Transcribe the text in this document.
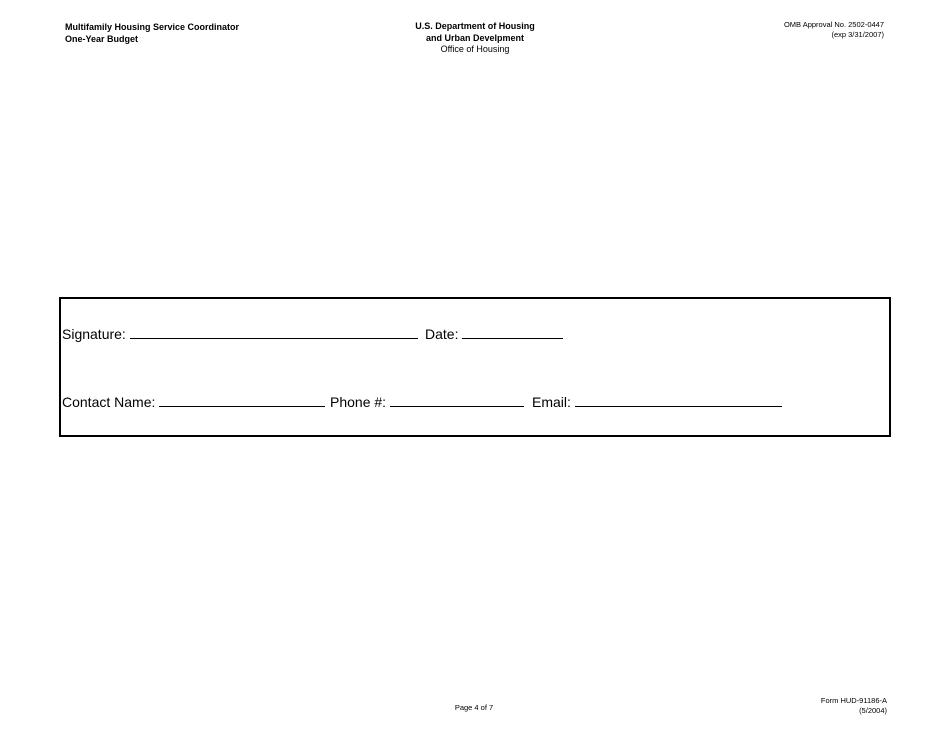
Multifamily Housing Service Coordinator
One-Year Budget
U.S. Department of Housing
and Urban Develpment
Office of Housing
OMB Approval No. 2502-0447
(exp 3/31/2007)
Signature:	Date:
Contact Name:	Phone #:	Email:
Page 4 of 7
Form HUD-91186-A
(5/2004)
